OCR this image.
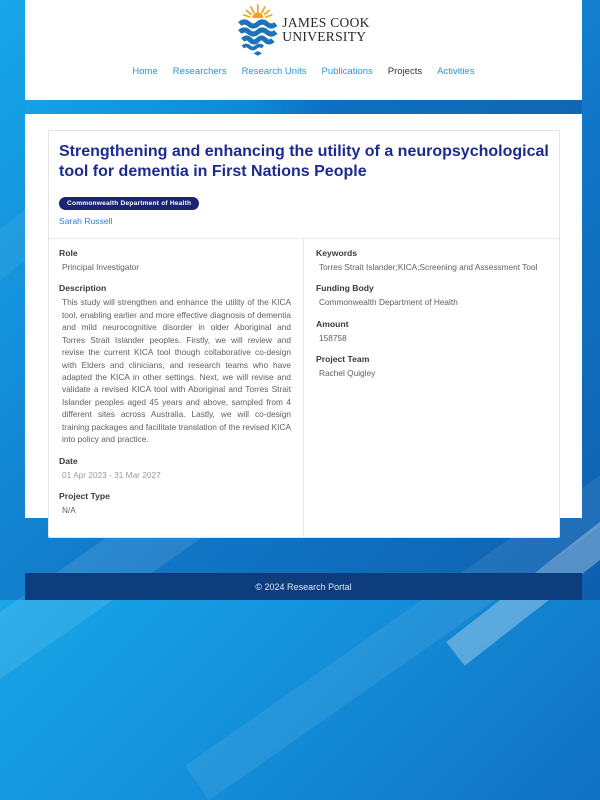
JAMES COOK
UNIVERSITY
Home Researchers Research Units Publications Projects Activities
Strengthening and enhancing the utility of a neuropsychological tool for dementia in First Nations People
Commonwealth Department of Health
Sarah Russell
Role
Principal Investigator
Description
This study will strengthen and enhance the utility of the KICA tool, enabling earlier and more effective diagnosis of dementia and mild neurocognitive disorder in older Aboriginal and Torres Strait Islander peoples. Firstly, we will review and revise the current KICA tool though collaborative co-design with Elders and clinicians, and research teams who have adapted the KICA in other settings. Next, we will revise and validate a revised KICA tool with Aboriginal and Torres Strait Islander peoples aged 45 years and above, sampled from 4 different sites across Australia. Lastly, we will co-design training packages and facilitate translation of the revised KICA into policy and practice.
Date
01 Apr 2023 - 31 Mar 2027
Project Type
N/A
Keywords
Torres Strait Islander;KICA;Screening and Assessment Tool
Funding Body
Commonwealth Department of Health
Amount
158758
Project Team
Rachel Quigley
© 2024 Research Portal
